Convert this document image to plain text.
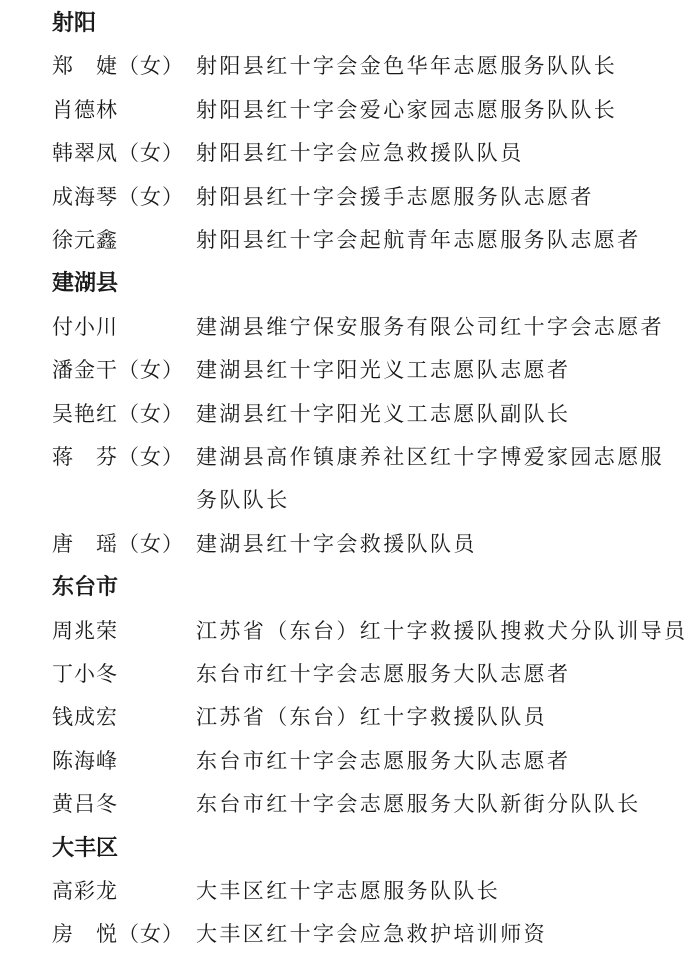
射阳
郑　婕（女） 射阳县红十字会金色华年志愿服务队队长
肖德林	射阳县红十字会爱心家园志愿服务队队长
韩翠凤（女） 射阳县红十字会应急救援队队员
成海琴（女） 射阳县红十字会援手志愿服务队志愿者
徐元鑫	射阳县红十字会起航青年志愿服务队志愿者
建湖县
付小川	建湖县维宁保安服务有限公司红十字会志愿者
潘金干（女） 建湖县红十字阳光义工志愿队志愿者
吴艳红（女） 建湖县红十字阳光义工志愿队副队长
蒋　芬（女） 建湖县高作镇康养社区红十字博爱家园志愿服
务队队长
唐　瑶（女） 建湖县红十字会救援队队员
东台市
周兆荣	江苏省（东台）红十字救援队搜救犬分队训导员
丁小冬	东台市红十字会志愿服务大队志愿者
钱成宏	江苏省（东台）红十字救援队队员
陈海峰	东台市红十字会志愿服务大队志愿者
黄吕冬	东台市红十字会志愿服务大队新街分队队长
大丰区
高彩龙	大丰区红十字志愿服务队队长
房　悦（女） 大丰区红十字会应急救护培训师资
